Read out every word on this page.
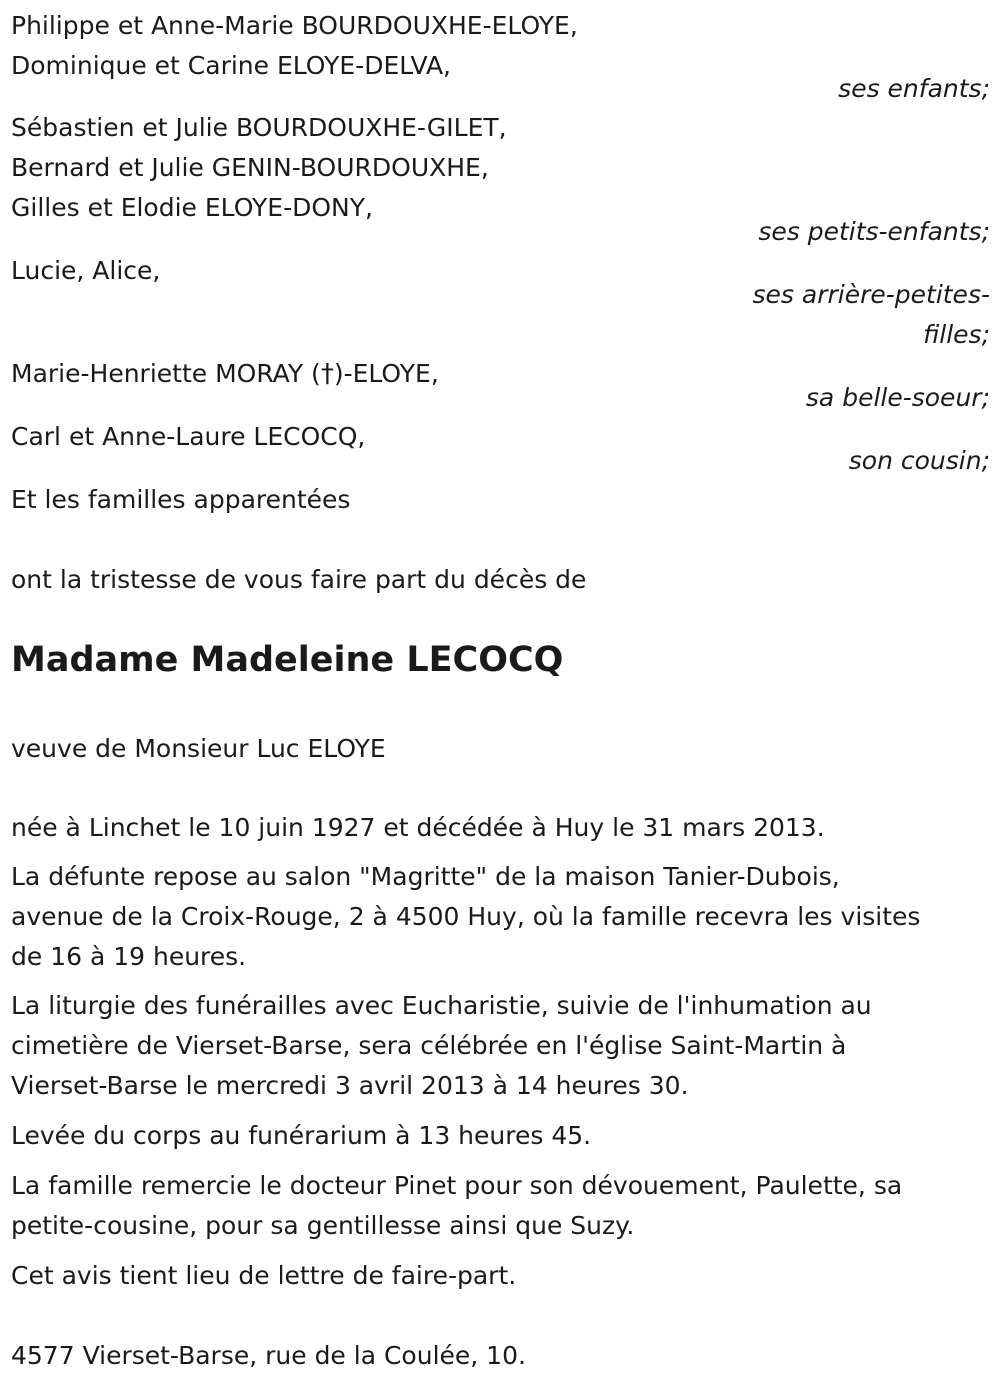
Philippe et Anne-Marie BOURDOUXHE-ELOYE,
Dominique et Carine ELOYE-DELVA,
ses enfants;
Sébastien et Julie BOURDOUXHE-GILET,
Bernard et Julie GENIN-BOURDOUXHE,
Gilles et Elodie ELOYE-DONY,
ses petits-enfants;
Lucie, Alice,
ses arrière-petites-
filles;
Marie-Henriette MORAY (†)-ELOYE,
sa belle-soeur;
Carl et Anne-Laure LECOCQ,
son cousin;
Et les familles apparentées
ont la tristesse de vous faire part du décès de
Madame Madeleine LECOCQ
veuve de Monsieur Luc ELOYE
née à Linchet le 10 juin 1927 et décédée à Huy le 31 mars 2013.
La défunte repose au salon "Magritte" de la maison Tanier-Dubois,
avenue de la Croix-Rouge, 2 à 4500 Huy, où la famille recevra les visites
de 16 à 19 heures.
La liturgie des funérailles avec Eucharistie, suivie de l'inhumation au
cimetière de Vierset-Barse, sera célébrée en l'église Saint-Martin à
Vierset-Barse le mercredi 3 avril 2013 à 14 heures 30.
Levée du corps au funérarium à 13 heures 45.
La famille remercie le docteur Pinet pour son dévouement, Paulette, sa
petite-cousine, pour sa gentillesse ainsi que Suzy.
Cet avis tient lieu de lettre de faire-part.
4577 Vierset-Barse, rue de la Coulée, 10.
